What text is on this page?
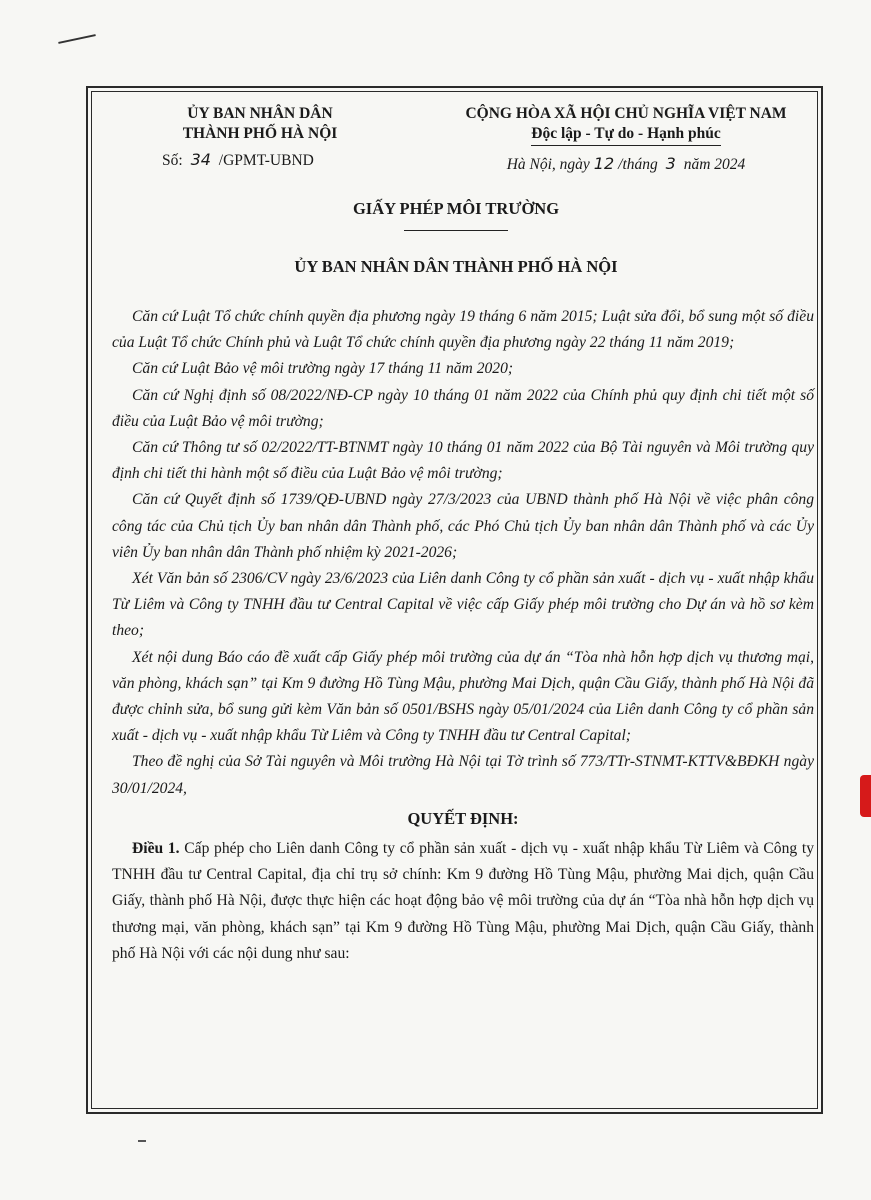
ỦY BAN NHÂN DÂN
THÀNH PHỐ HÀ NỘI
Số: 34 /GPMT-UBND
CỘNG HÒA XÃ HỘI CHỦ NGHĨA VIỆT NAM
Độc lập - Tự do - Hạnh phúc
Hà Nội, ngày 12 /tháng 3 năm 2024
GIẤY PHÉP MÔI TRƯỜNG
ỦY BAN NHÂN DÂN THÀNH PHỐ HÀ NỘI

Căn cứ Luật Tổ chức chính quyền địa phương ngày 19 tháng 6 năm 2015; Luật sửa đổi, bổ sung một số điều của Luật Tổ chức Chính phủ và Luật Tổ chức chính quyền địa phương ngày 22 tháng 11 năm 2019;

Căn cứ Luật Bảo vệ môi trường ngày 17 tháng 11 năm 2020;

Căn cứ Nghị định số 08/2022/NĐ-CP ngày 10 tháng 01 năm 2022 của Chính phủ quy định chi tiết một số điều của Luật Bảo vệ môi trường;

Căn cứ Thông tư số 02/2022/TT-BTNMT ngày 10 tháng 01 năm 2022 của Bộ Tài nguyên và Môi trường quy định chi tiết thi hành một số điều của Luật Bảo vệ môi trường;

Căn cứ Quyết định số 1739/QĐ-UBND ngày 27/3/2023 của UBND thành phố Hà Nội về việc phân công công tác của Chủ tịch Ủy ban nhân dân Thành phố, các Phó Chủ tịch Ủy ban nhân dân Thành phố và các Ủy viên Ủy ban nhân dân Thành phố nhiệm kỳ 2021-2026;

Xét Văn bản số 2306/CV ngày 23/6/2023 của Liên danh Công ty cổ phần sản xuất - dịch vụ - xuất nhập khẩu Từ Liêm và Công ty TNHH đầu tư Central Capital về việc cấp Giấy phép môi trường cho Dự án và hồ sơ kèm theo;

Xét nội dung Báo cáo đề xuất cấp Giấy phép môi trường của dự án “Tòa nhà hỗn hợp dịch vụ thương mại, văn phòng, khách sạn” tại Km 9 đường Hồ Tùng Mậu, phường Mai Dịch, quận Cầu Giấy, thành phố Hà Nội đã được chỉnh sửa, bổ sung gửi kèm Văn bản số 0501/BSHS ngày 05/01/2024 của Liên danh Công ty cổ phần sản xuất - dịch vụ - xuất nhập khẩu Từ Liêm và Công ty TNHH đầu tư Central Capital;

Theo đề nghị của Sở Tài nguyên và Môi trường Hà Nội tại Tờ trình số 773/TTr-STNMT-KTTV&BĐKH ngày 30/01/2024,

QUYẾT ĐỊNH:

Điều 1. Cấp phép cho Liên danh Công ty cổ phần sản xuất - dịch vụ - xuất nhập khẩu Từ Liêm và Công ty TNHH đầu tư Central Capital, địa chỉ trụ sở chính: Km 9 đường Hồ Tùng Mậu, phường Mai dịch, quận Cầu Giấy, thành phố Hà Nội, được thực hiện các hoạt động bảo vệ môi trường của dự án “Tòa nhà hỗn hợp dịch vụ thương mại, văn phòng, khách sạn” tại Km 9 đường Hồ Tùng Mậu, phường Mai Dịch, quận Cầu Giấy, thành phố Hà Nội với các nội dung như sau:
